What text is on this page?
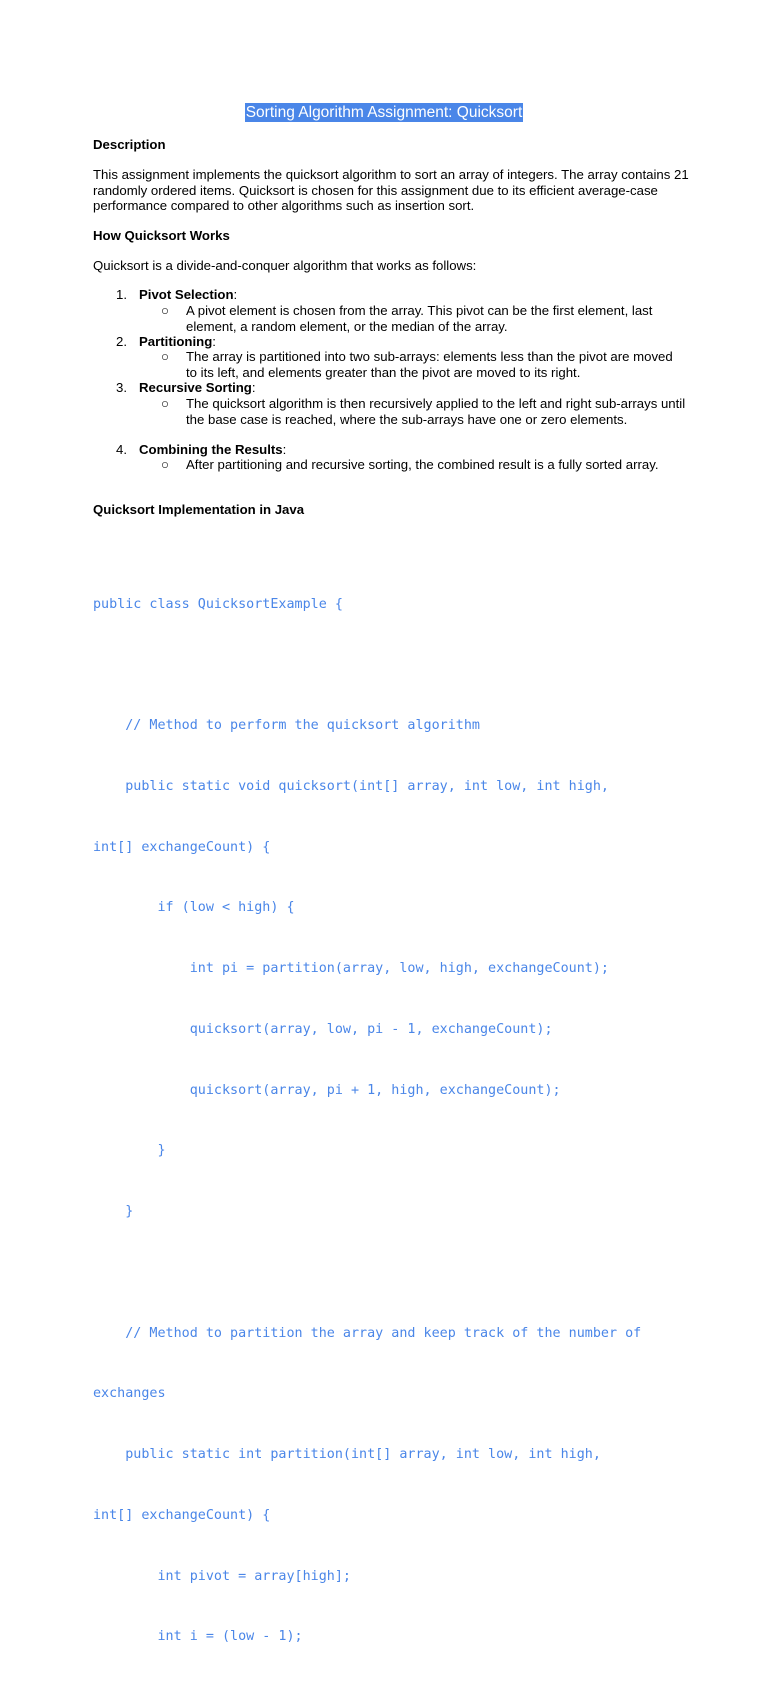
Sorting Algorithm Assignment: Quicksort
Description
This assignment implements the quicksort algorithm to sort an array of integers. The array contains 21 randomly ordered items. Quicksort is chosen for this assignment due to its efficient average-case performance compared to other algorithms such as insertion sort.
How Quicksort Works
Quicksort is a divide-and-conquer algorithm that works as follows:
1. Pivot Selection:
○ A pivot element is chosen from the array. This pivot can be the first element, last element, a random element, or the median of the array.
2. Partitioning:
○ The array is partitioned into two sub-arrays: elements less than the pivot are moved to its left, and elements greater than the pivot are moved to its right.
3. Recursive Sorting:
○ The quicksort algorithm is then recursively applied to the left and right sub-arrays until the base case is reached, where the sub-arrays have one or zero elements.
4. Combining the Results:
○ After partitioning and recursive sorting, the combined result is a fully sorted array.
Quicksort Implementation in Java

public class QuicksortExample {

// Method to perform the quicksort algorithm

public static void quicksort(int[] array, int low, int high,

int[] exchangeCount) {

if (low < high) {

int pi = partition(array, low, high, exchangeCount);

quicksort(array, low, pi - 1, exchangeCount);

quicksort(array, pi + 1, high, exchangeCount);

}

}

// Method to partition the array and keep track of the number of

exchanges

public static int partition(int[] array, int low, int high,

int[] exchangeCount) {

int pivot = array[high];

int i = (low - 1);
